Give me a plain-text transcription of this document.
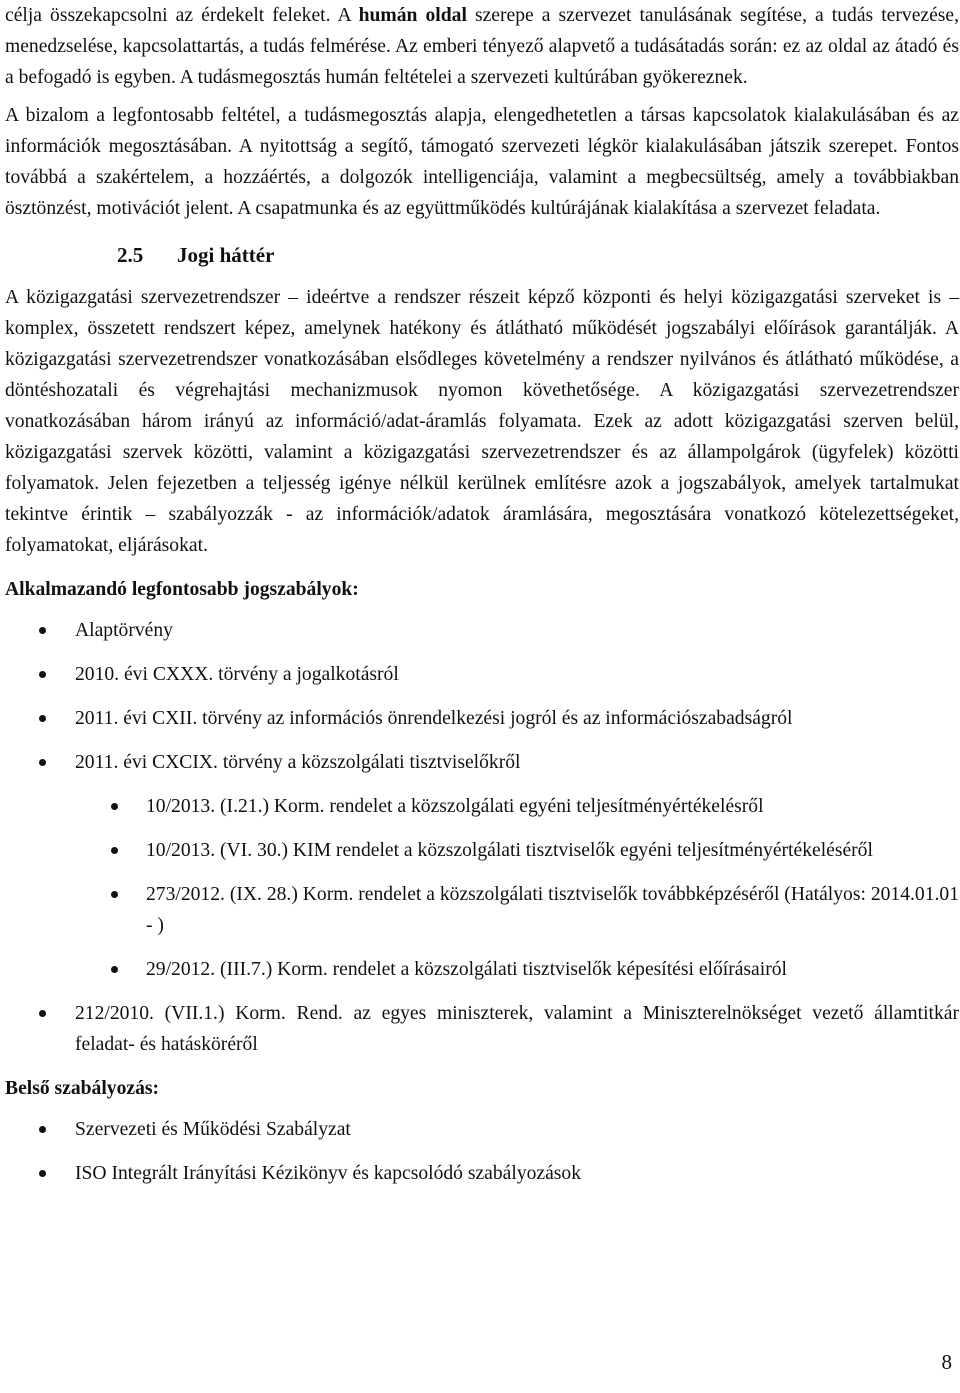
célja összekapcsolni az érdekelt feleket. A humán oldal szerepe a szervezet tanulásának segítése, a tudás tervezése, menedzselése, kapcsolattartás, a tudás felmérése. Az emberi tényező alapvető a tudásátadás során: ez az oldal az átadó és a befogadó is egyben. A tudásmegosztás humán feltételei a szervezeti kultúrában gyökereznek.

A bizalom a legfontosabb feltétel, a tudásmegosztás alapja, elengedhetetlen a társas kapcsolatok kialakulásában és az információk megosztásában. A nyitottság a segítő, támogató szervezeti légkör kialakulásában játszik szerepet. Fontos továbbá a szakértelem, a hozzáértés, a dolgozók intelligenciája, valamint a megbecsültség, amely a továbbiakban ösztönzést, motivációt jelent. A csapatmunka és az együttműködés kultúrájának kialakítása a szervezet feladata.

2.5	Jogi háttér

A közigazgatási szervezetrendszer – ideértve a rendszer részeit képző központi és helyi közigazgatási szerveket is – komplex, összetett rendszert képez, amelynek hatékony és átlátható működését jogszabályi előírások garantálják. A közigazgatási szervezetrendszer vonatkozásában elsődleges követelmény a rendszer nyilvános és átlátható működése, a döntéshozatali és végrehajtási mechanizmusok nyomon követhetősége. A közigazgatási szervezetrendszer vonatkozásában három irányú az információ/adat-áramlás folyamata. Ezek az adott közigazgatási szerven belül, közigazgatási szervek közötti, valamint a közigazgatási szervezetrendszer és az állampolgárok (ügyfelek) közötti folyamatok. Jelen fejezetben a teljesség igénye nélkül kerülnek említésre azok a jogszabályok, amelyek tartalmukat tekintve érintik – szabályozzák - az információk/adatok áramlására, megosztására vonatkozó kötelezettségeket, folyamatokat, eljárásokat.

Alkalmazandó legfontosabb jogszabályok:
Alaptörvény
2010. évi CXXX. törvény a jogalkotásról
2011. évi CXII. törvény az információs önrendelkezési jogról és az információszabadságról
2011. évi CXCIX. törvény a közszolgálati tisztviselőkről
10/2013. (I.21.) Korm. rendelet a közszolgálati egyéni teljesítményértékelésről
10/2013. (VI. 30.) KIM rendelet a közszolgálati tisztviselők egyéni teljesítményértékeléséről
273/2012. (IX. 28.) Korm. rendelet a közszolgálati tisztviselők továbbképzéséről (Hatályos: 2014.01.01 - )
29/2012. (III.7.) Korm. rendelet a közszolgálati tisztviselők képesítési előírásairól
212/2010. (VII.1.) Korm. Rend. az egyes miniszterek, valamint a Miniszterelnökséget vezető államtitkár feladat- és hatásköréről
Belső szabályozás:
Szervezeti és Működési Szabályzat
ISO Integrált Irányítási Kézikönyv és kapcsolódó szabályozások
8
